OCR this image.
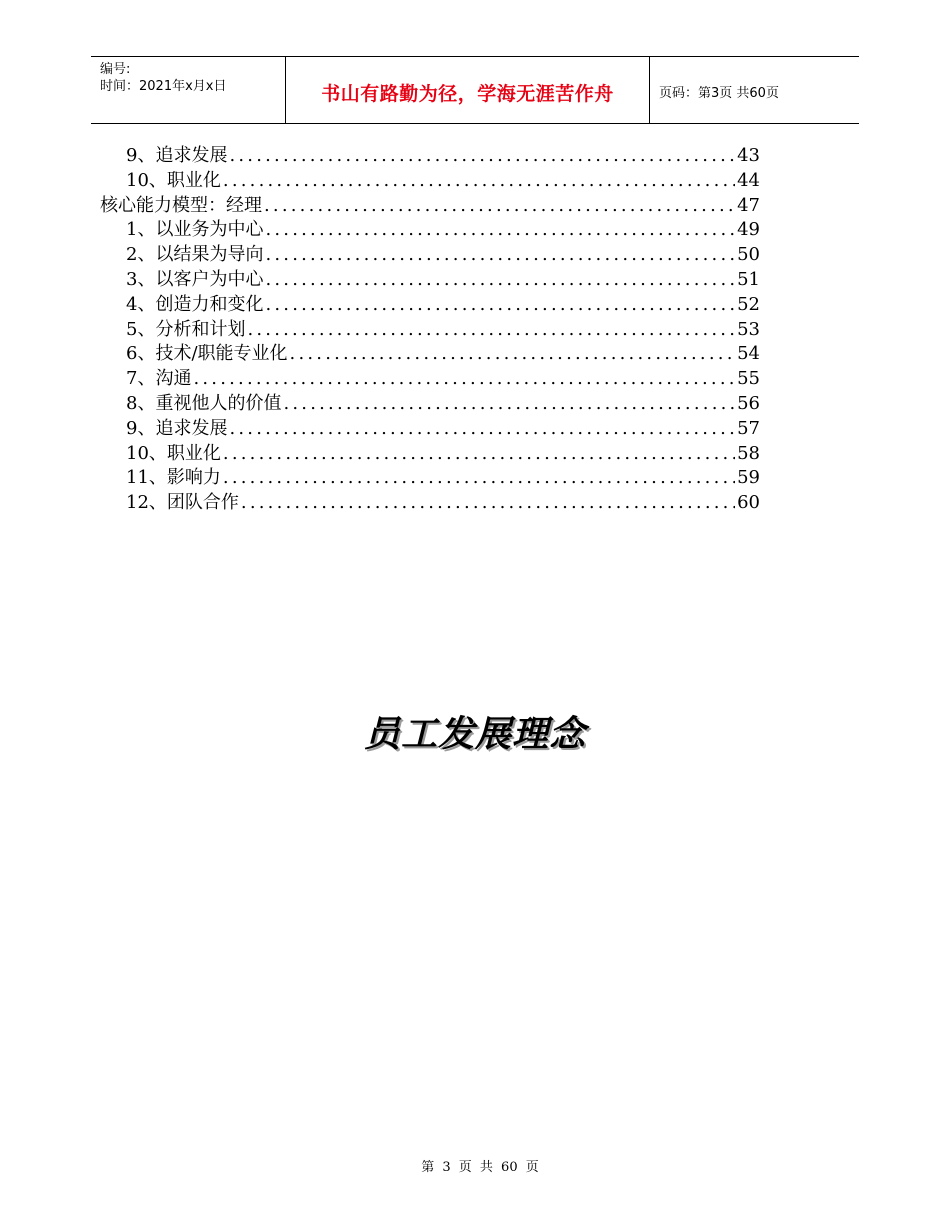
编号:
时间：2021年x月x日	书山有路勤为径，学海无涯苦作舟	页码：第3页 共60页
9、追求发展 .....	43
10、职业化 .....	44
核心能力模型：经理 .....	47
1、以业务为中心 .....	49
2、以结果为导向 .....	50
3、以客户为中心 .....	51
4、创造力和变化 .....	52
5、分析和计划 .....	53
6、技术/职能专业化 .....	54
7、沟通 .....	55
8、重视他人的价值 .....	56
9、追求发展 .....	57
10、职业化 .....	58
11、影响力 .....	59
12、团队合作 .....	60
员工发展理念
第 3 页 共 60 页
